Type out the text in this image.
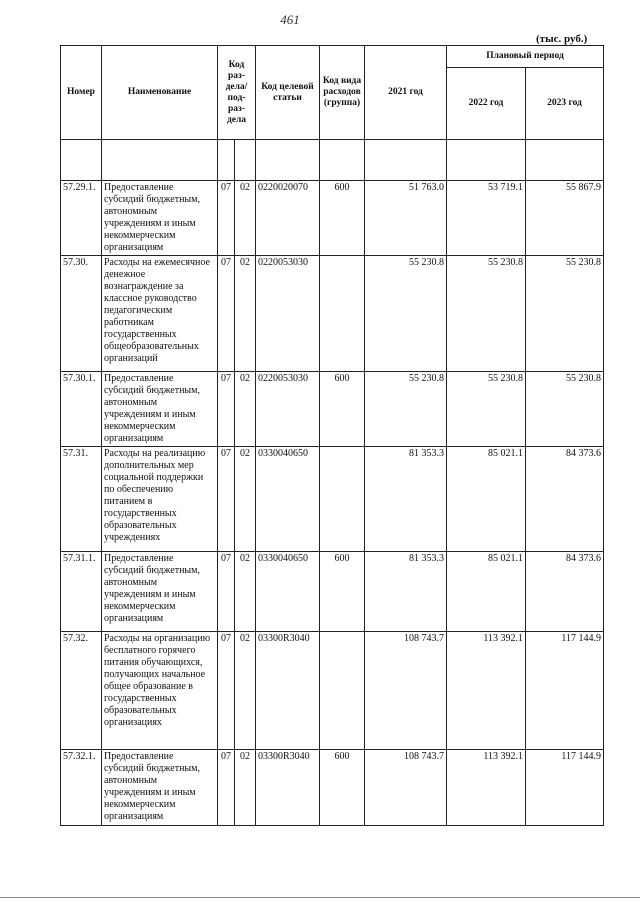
461
(тыс. руб.)
Номер	Наименование	Код раз-дела/ под-раз-дела		Код целевой статьи	Код вида расходов (группа)	2021 год	Плановый период	
							2022 год	2023 год

57.29.1.	Предоставление субсидий бюджетным, автономным учреждениям и иным некоммерческим организациям	07	02	0220020070	600	51 763.0	53 719.1	55 867.9
57.30.	Расходы на ежемесячное денежное вознаграждение за классное руководство педагогическим работникам государственных общеобразовательных организаций	07	02	0220053030		55 230.8	55 230.8	55 230.8
57.30.1.	Предоставление субсидий бюджетным, автономным учреждениям и иным некоммерческим организациям	07	02	0220053030	600	55 230.8	55 230.8	55 230.8
57.31.	Расходы на реализацию дополнительных мер социальной поддержки по обеспечению питанием в государственных образовательных учреждениях	07	02	0330040650		81 353.3	85 021.1	84 373.6
57.31.1.	Предоставление субсидий бюджетным, автономным учреждениям и иным некоммерческим организациям	07	02	0330040650	600	81 353.3	85 021.1	84 373.6
57.32.	Расходы на организацию бесплатного горячего питания обучающихся, получающих начальное общее образование в государственных образовательных организациях	07	02	03300R3040		108 743.7	113 392.1	117 144.9
57.32.1.	Предоставление субсидий бюджетным, автономным учреждениям и иным некоммерческим организациям	07	02	03300R3040	600	108 743.7	113 392.1	117 144.9
